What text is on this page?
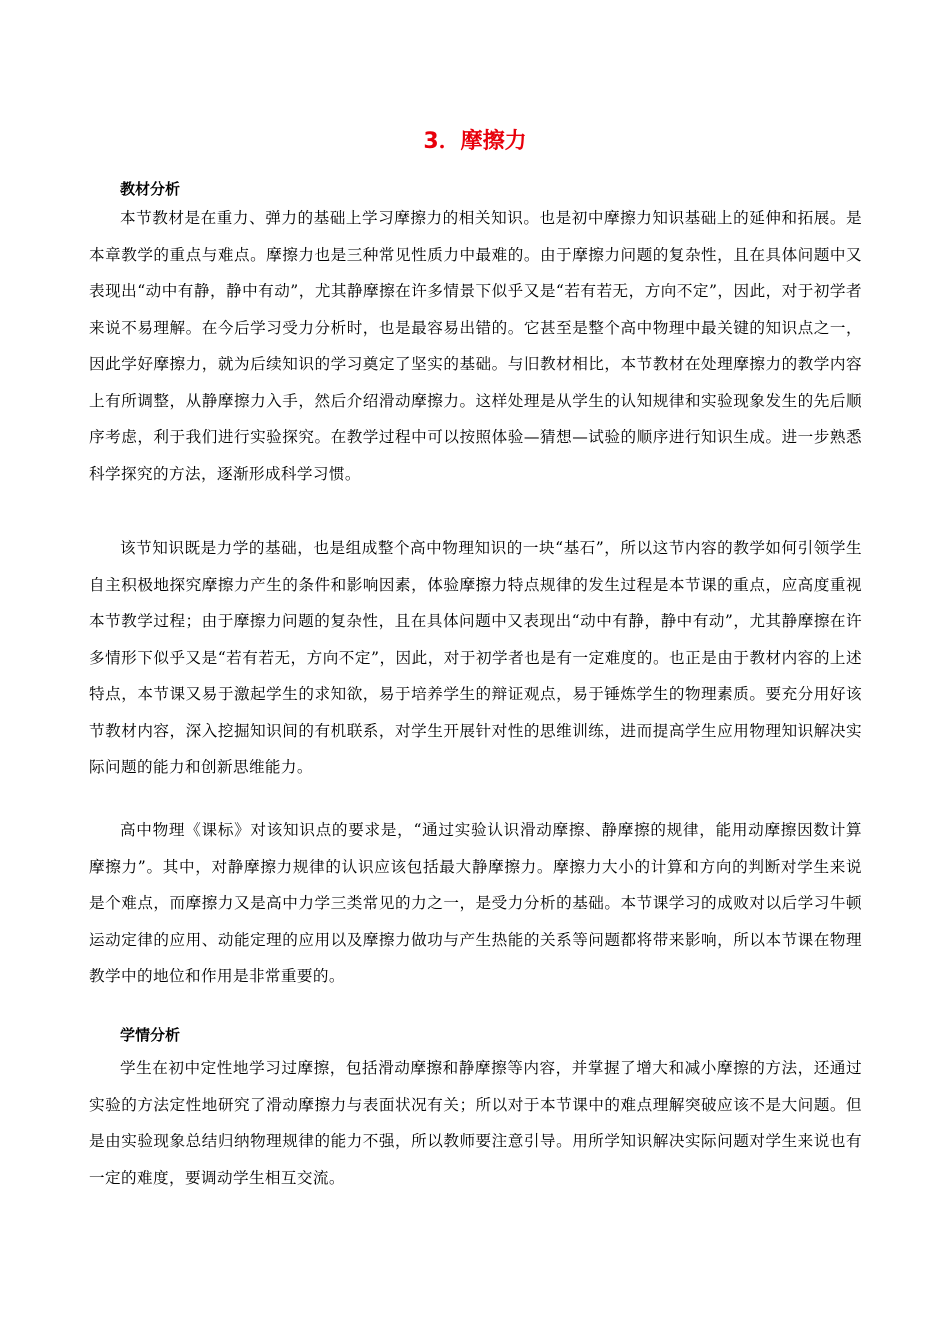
3．摩擦力
教材分析

本节教材是在重力、弹力的基础上学习摩擦力的相关知识。也是初中摩擦力知识基础上的延伸和拓展。是本章教学的重点与难点。摩擦力也是三种常见性质力中最难的。由于摩擦力问题的复杂性，且在具体问题中又表现出“动中有静，静中有动”，尤其静摩擦在许多情景下似乎又是“若有若无，方向不定”，因此，对于初学者来说不易理解。在今后学习受力分析时，也是最容易出错的。它甚至是整个高中物理中最关键的知识点之一，因此学好摩擦力，就为后续知识的学习奠定了坚实的基础。与旧教材相比，本节教材在处理摩擦力的教学内容上有所调整，从静摩擦力入手，然后介绍滑动摩擦力。这样处理是从学生的认知规律和实验现象发生的先后顺序考虑，利于我们进行实验探究。在教学过程中可以按照体验—猜想—试验的顺序进行知识生成。进一步熟悉科学探究的方法，逐渐形成科学习惯。

该节知识既是力学的基础，也是组成整个高中物理知识的一块“基石”，所以这节内容的教学如何引领学生自主积极地探究摩擦力产生的条件和影响因素，体验摩擦力特点规律的发生过程是本节课的重点，应高度重视本节教学过程；由于摩擦力问题的复杂性，且在具体问题中又表现出“动中有静，静中有动”，尤其静摩擦在许多情形下似乎又是“若有若无，方向不定”，因此，对于初学者也是有一定难度的。也正是由于教材内容的上述特点，本节课又易于激起学生的求知欲，易于培养学生的辩证观点，易于锤炼学生的物理素质。要充分用好该节教材内容，深入挖掘知识间的有机联系，对学生开展针对性的思维训练，进而提高学生应用物理知识解决实际问题的能力和创新思维能力。

高中物理《课标》对该知识点的要求是，“通过实验认识滑动摩擦、静摩擦的规律，能用动摩擦因数计算摩擦力”。其中，对静摩擦力规律的认识应该包括最大静摩擦力。摩擦力大小的计算和方向的判断对学生来说是个难点，而摩擦力又是高中力学三类常见的力之一，是受力分析的基础。本节课学习的成败对以后学习牛顿运动定律的应用、动能定理的应用以及摩擦力做功与产生热能的关系等问题都将带来影响，所以本节课在物理教学中的地位和作用是非常重要的。

学情分析

学生在初中定性地学习过摩擦，包括滑动摩擦和静摩擦等内容，并掌握了增大和减小摩擦的方法，还通过实验的方法定性地研究了滑动摩擦力与表面状况有关；所以对于本节课中的难点理解突破应该不是大问题。但是由实验现象总结归纳物理规律的能力不强，所以教师要注意引导。用所学知识解决实际问题对学生来说也有一定的难度，要调动学生相互交流。
